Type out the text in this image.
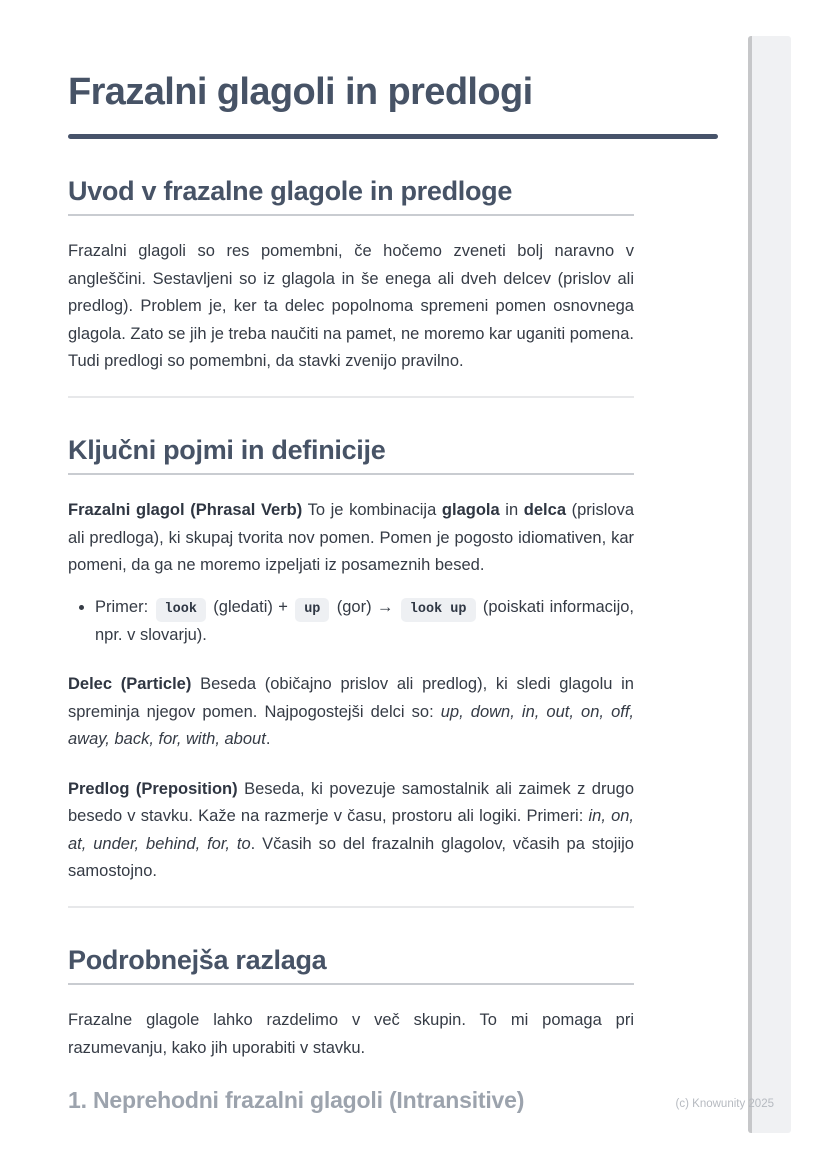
Frazalni glagoli in predlogi
Uvod v frazalne glagole in predloge

Frazalni glagoli so res pomembni, če hočemo zveneti bolj naravno v angleščini. Sestavljeni so iz glagola in še enega ali dveh delcev (prislov ali predlog). Problem je, ker ta delec popolnoma spremeni pomen osnovnega glagola. Zato se jih je treba naučiti na pamet, ne moremo kar uganiti pomena. Tudi predlogi so pomembni, da stavki zvenijo pravilno.

Ključni pojmi in definicije

Frazalni glagol (Phrasal Verb) To je kombinacija glagola in delca (prislova ali predloga), ki skupaj tvorita nov pomen. Pomen je pogosto idiomativen, kar pomeni, da ga ne moremo izpeljati iz posameznih besed.

• Primer: look (gledati) + up (gor) → look up (poiskati informacijo, npr. v slovarju).

Delec (Particle) Beseda (običajno prislov ali predlog), ki sledi glagolu in spreminja njegov pomen. Najpogostejši delci so: up, down, in, out, on, off, away, back, for, with, about.

Predlog (Preposition) Beseda, ki povezuje samostalnik ali zaimek z drugo besedo v stavku. Kaže na razmerje v času, prostoru ali logiki. Primeri: in, on, at, under, behind, for, to. Včasih so del frazalnih glagolov, včasih pa stojijo samostojno.

Podrobnejša razlaga

Frazalne glagole lahko razdelimo v več skupin. To mi pomaga pri razumevanju, kako jih uporabiti v stavku.

1. Neprehodni frazalni glagoli (Intransitive)	(c) Knowunity 2025
